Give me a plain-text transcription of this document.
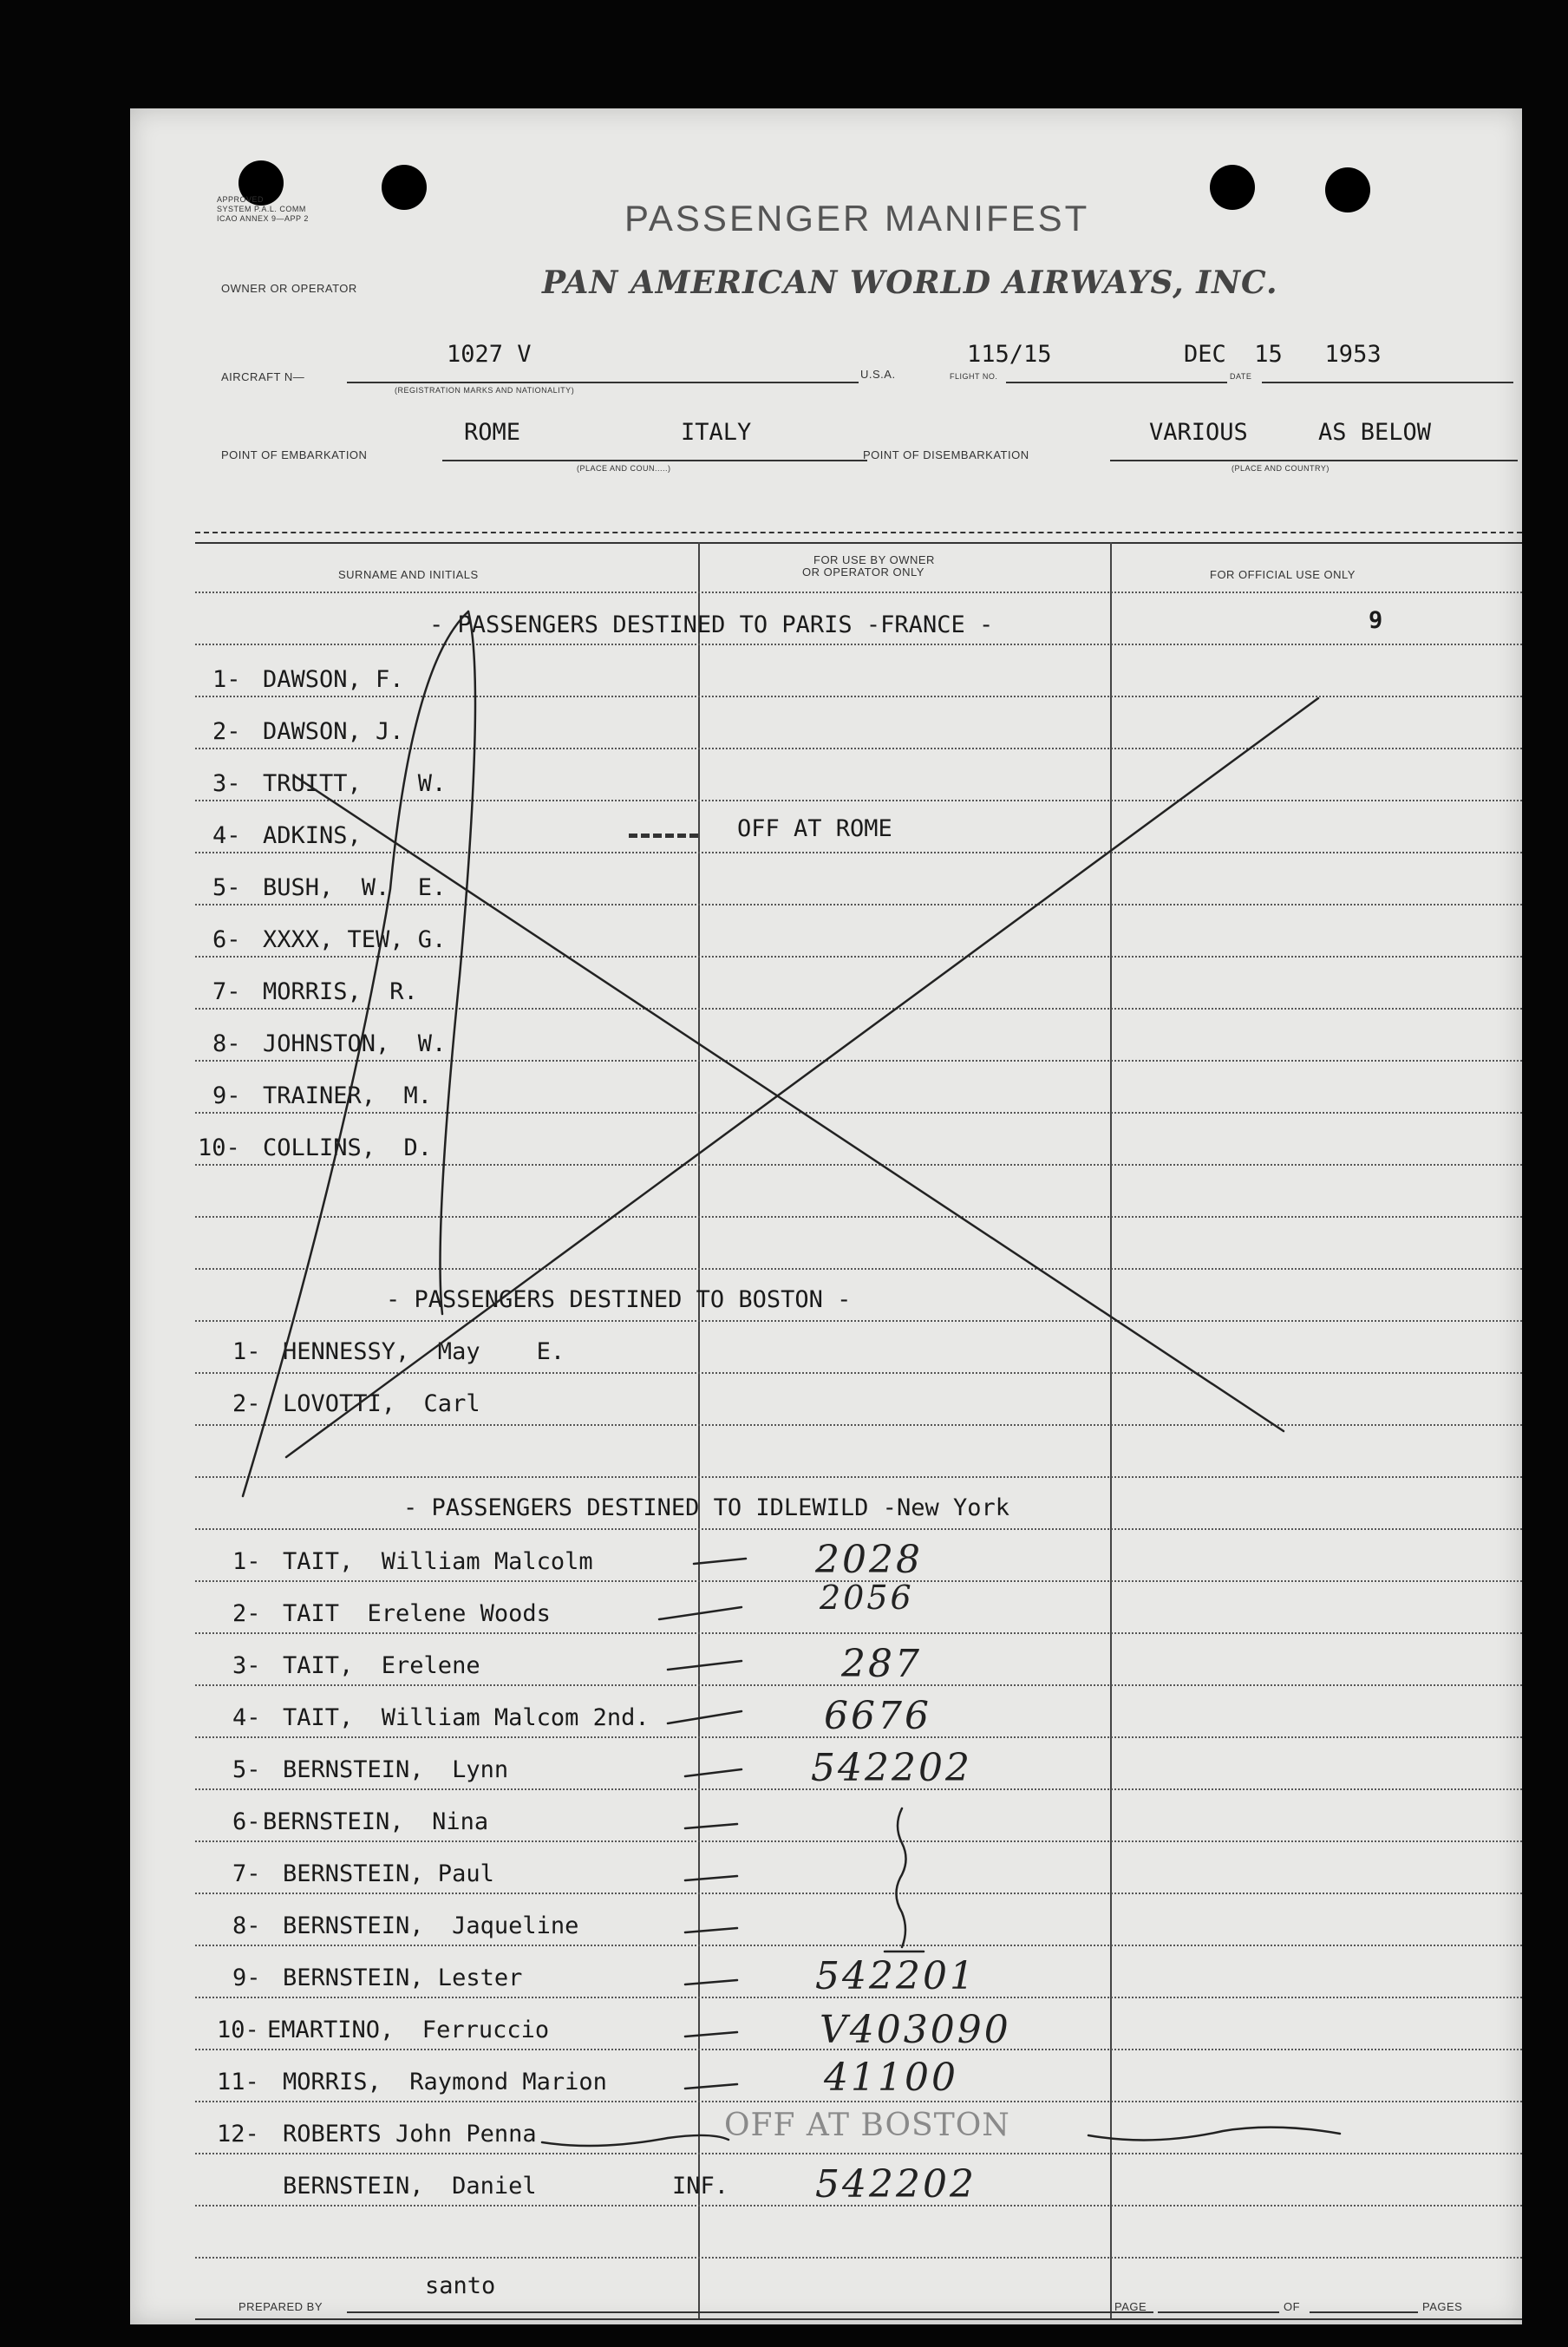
APPROVED
SYSTEM P.A.L. COMM
ICAO ANNEX 9—APP 2	PASSENGER MANIFEST
OWNER OR OPERATOR	PAN AMERICAN WORLD AIRWAYS, INC.
AIRCRAFT N—
1027 V
(REGISTRATION MARKS AND NATIONALITY)
U.S.A.	FLIGHT NO.
115/15
DATE
DEC  15   1953
POINT OF EMBARKATION
ROME	ITALY
(PLACE AND COUN.....)
POINT OF DISEMBARKATION
VARIOUS	AS BELOW
(PLACE AND COUNTRY)
SURNAME AND INITIALS
FOR USE BY OWNER
OR OPERATOR ONLY	FOR OFFICIAL USE ONLY
- PASSENGERS DESTINED TO PARIS -FRANCE -	9
1- DAWSON, F.
2- DAWSON, J.
3- TRUITT,    W.
4- ADKINS,	OFF AT ROME
5- BUSH,  W.  E.
6- XXXX, TEW, G.
7- MORRIS,  R.
8- JOHNSTON,  W.
9- TRAINER,  M.
10- COLLINS,  D.
- PASSENGERS DESTINED TO BOSTON -
1- HENNESSY,  May    E.
2- LOVOTTI,  Carl
- PASSENGERS DESTINED TO IDLEWILD -New York
1- TAIT,  William Malcolm	2028
2- TAIT  Erelene Woods	2056
3- TAIT,  Erelene	287
4- TAIT,  William Malcom 2nd.	6676
5- BERNSTEIN,  Lynn	542202
6- BERNSTEIN,  Nina
7- BERNSTEIN, Paul
8- BERNSTEIN,  Jaqueline
9- BERNSTEIN, Lester	542201
10- EMARTINO,  Ferruccio	V403090
11- MORRIS,  Raymond Marion	41100
12- ROBERTS John Penna	OFF AT BOSTON
BERNSTEIN,  Daniel	INF. 542202
PREPARED BY
santo
PAGE	OF	PAGES
